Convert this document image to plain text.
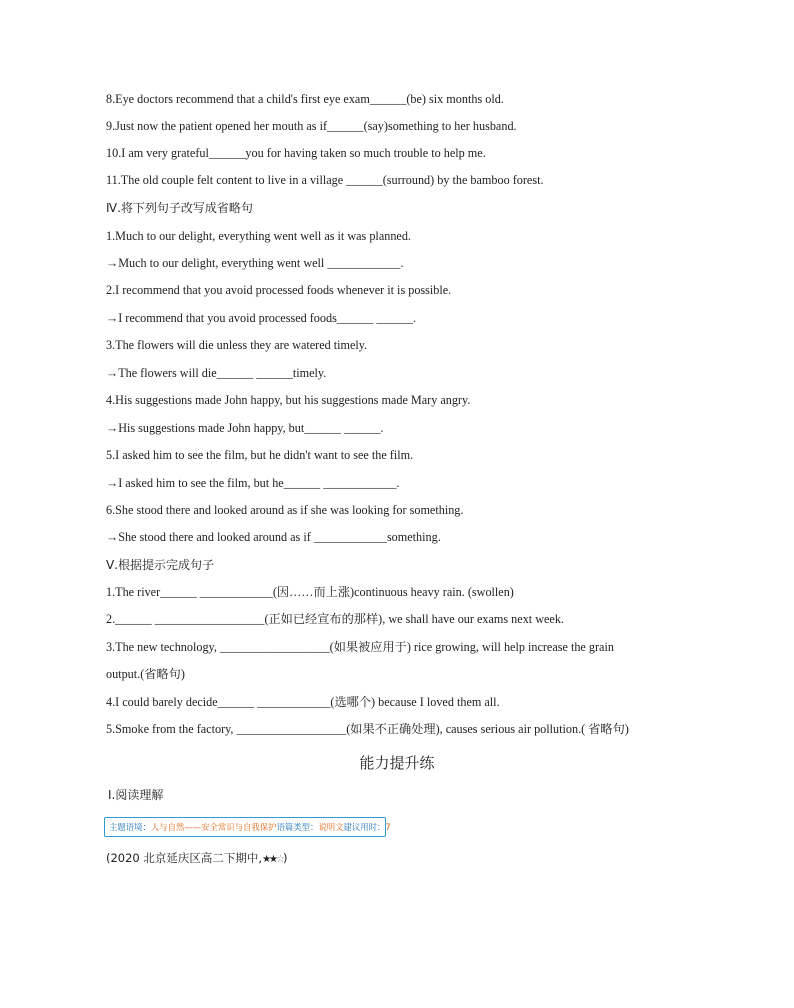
8.Eye doctors recommend that a child's first eye exam______(be) six months old.
9.Just now the patient opened her mouth as if______(say)something to her husband.
10.I am very grateful______you for having taken so much trouble to help me.
11.The old couple felt content to live in a village ______(surround) by the bamboo forest.
Ⅳ.将下列句子改写成省略句
1.Much to our delight, everything went well as it was planned.
→Much to our delight, everything went well ____________.
2.I recommend that you avoid processed foods whenever it is possible.
→I recommend that you avoid processed foods______ ______.
3.The flowers will die unless they are watered timely.
→The flowers will die______ ______timely.
4.His suggestions made John happy, but his suggestions made Mary angry.
→His suggestions made John happy, but______ ______.
5.I asked him to see the film, but he didn't want to see the film.
→I asked him to see the film, but he______ ____________.
6.She stood there and looked around as if she was looking for something.
→She stood there and looked around as if ____________something.
Ⅴ.根据提示完成句子
1.The river______ ____________(因……而上涨)continuous heavy rain. (swollen)
2.______ __________________(正如已经宣布的那样), we shall have our exams next week.
3.The new technology, __________________(如果被应用于) rice growing, will help increase the grain
output.(省略句)
4.I could barely decide______ ____________(选哪个) because I loved them all.
5.Smoke from the factory, __________________(如果不正确处理), causes serious air pollution.( 省略句)
能力提升练
Ⅰ.阅读理解
主题语境： 人与自然——安全常识与自我保护 语篇类型： 说明文 建议用时： 7
(2020 北京延庆区高二下期中,★★☆)
